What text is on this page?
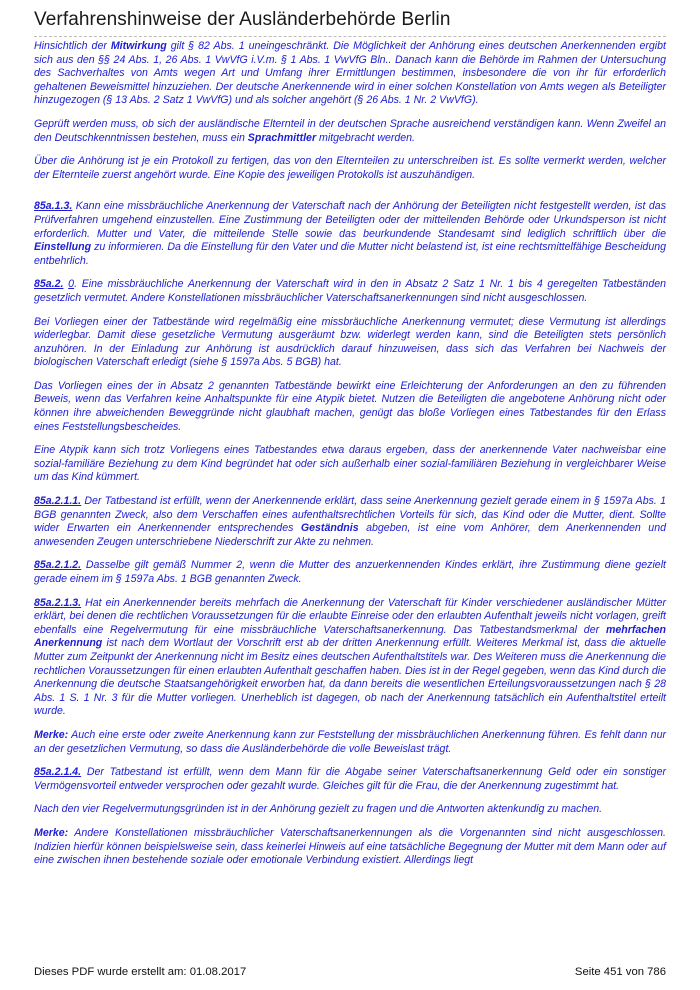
Verfahrenshinweise der Ausländerbehörde Berlin

Hinsichtlich der Mitwirkung gilt § 82 Abs. 1 uneingeschränkt. Die Möglichkeit der Anhörung eines deutschen Anerkennenden ergibt sich aus den §§ 24 Abs. 1, 26 Abs. 1 VwVfG i.V.m. § 1 Abs. 1 VwVfG Bln.. Danach kann die Behörde im Rahmen der Untersuchung des Sachverhaltes von Amts wegen Art und Umfang ihrer Ermittlungen bestimmen, insbesondere die von ihr für erforderlich gehaltenen Beweismittel hinzuziehen. Der deutsche Anerkennende wird in einer solchen Konstellation von Amts wegen als Beteiligter hinzugezogen (§ 13 Abs. 2 Satz 1 VwVfG) und als solcher angehört (§ 26 Abs. 1 Nr. 2 VwVfG).

Geprüft werden muss, ob sich der ausländische Elternteil in der deutschen Sprache ausreichend verständigen kann. Wenn Zweifel an den Deutschkenntnissen bestehen, muss ein Sprachmittler mitgebracht werden.

Über die Anhörung ist je ein Protokoll zu fertigen, das von den Elternteilen zu unterschreiben ist. Es sollte vermerkt werden, welcher der Elternteile zuerst angehört wurde. Eine Kopie des jeweiligen Protokolls ist auszuhändigen.

85a.1.3. Kann eine missbräuchliche Anerkennung der Vaterschaft nach der Anhörung der Beteiligten nicht festgestellt werden, ist das Prüfverfahren umgehend einzustellen. Eine Zustimmung der Beteiligten oder der mitteilenden Behörde oder Urkundsperson ist nicht erforderlich. Mutter und Vater, die mitteilende Stelle sowie das beurkundende Standesamt sind lediglich schriftlich über die Einstellung zu informieren. Da die Einstellung für den Vater und die Mutter nicht belastend ist, ist eine rechtsmittelfähige Bescheidung entbehrlich.

85a.2. 0. Eine missbräuchliche Anerkennung der Vaterschaft wird in den in Absatz 2 Satz 1 Nr. 1 bis 4 geregelten Tatbeständen gesetzlich vermutet. Andere Konstellationen missbräuchlicher Vaterschaftsanerkennungen sind nicht ausgeschlossen.

Bei Vorliegen einer der Tatbestände wird regelmäßig eine missbräuchliche Anerkennung vermutet; diese Vermutung ist allerdings widerlegbar. Damit diese gesetzliche Vermutung ausgeräumt bzw. widerlegt werden kann, sind die Beteiligten stets persönlich anzuhören. In der Einladung zur Anhörung ist ausdrücklich darauf hinzuweisen, dass sich das Verfahren bei Nachweis der biologischen Vaterschaft erledigt (siehe § 1597a Abs. 5 BGB) hat.

Das Vorliegen eines der in Absatz 2 genannten Tatbestände bewirkt eine Erleichterung der Anforderungen an den zu führenden Beweis, wenn das Verfahren keine Anhaltspunkte für eine Atypik bietet. Nutzen die Beteiligten die angebotene Anhörung nicht oder können ihre abweichenden Beweggründe nicht glaubhaft machen, genügt das bloße Vorliegen eines Tatbestandes für den Erlass eines Feststellungsbescheides.

Eine Atypik kann sich trotz Vorliegens eines Tatbestandes etwa daraus ergeben, dass der anerkennende Vater nachweisbar eine sozial-familiäre Beziehung zu dem Kind begründet hat oder sich außerhalb einer sozial-familiären Beziehung in vergleichbarer Weise um das Kind kümmert.

85a.2.1.1. Der Tatbestand ist erfüllt, wenn der Anerkennende erklärt, dass seine Anerkennung gezielt gerade einem in § 1597a Abs. 1 BGB genannten Zweck, also dem Verschaffen eines aufenthaltsrechtlichen Vorteils für sich, das Kind oder die Mutter, dient. Sollte wider Erwarten ein Anerkennender entsprechendes Geständnis abgeben, ist eine vom Anhörer, dem Anerkennenden und anwesenden Zeugen unterschriebene Niederschrift zur Akte zu nehmen.

85a.2.1.2. Dasselbe gilt gemäß Nummer 2, wenn die Mutter des anzuerkennenden Kindes erklärt, ihre Zustimmung diene gezielt gerade einem im § 1597a Abs. 1 BGB genannten Zweck.

85a.2.1.3. Hat ein Anerkennender bereits mehrfach die Anerkennung der Vaterschaft für Kinder verschiedener ausländischer Mütter erklärt, bei denen die rechtlichen Voraussetzungen für die erlaubte Einreise oder den erlaubten Aufenthalt jeweils nicht vorlagen, greift ebenfalls eine Regelvermutung für eine missbräuchliche Vaterschaftsanerkennung. Das Tatbestandsmerkmal der mehrfachen Anerkennung ist nach dem Wortlaut der Vorschrift erst ab der dritten Anerkennung erfüllt. Weiteres Merkmal ist, dass die aktuelle Mutter zum Zeitpunkt der Anerkennung nicht im Besitz eines deutschen Aufenthaltstitels war. Des Weiteren muss die Anerkennung die rechtlichen Voraussetzungen für einen erlaubten Aufenthalt geschaffen haben. Dies ist in der Regel gegeben, wenn das Kind durch die Anerkennung die deutsche Staatsangehörigkeit erworben hat, da dann bereits die wesentlichen Erteilungsvoraussetzungen nach § 28 Abs. 1 S. 1 Nr. 3 für die Mutter vorliegen. Unerheblich ist dagegen, ob nach der Anerkennung tatsächlich ein Aufenthaltstitel erteilt wurde.

Merke: Auch eine erste oder zweite Anerkennung kann zur Feststellung der missbräuchlichen Anerkennung führen. Es fehlt dann nur an der gesetzlichen Vermutung, so dass die Ausländerbehörde die volle Beweislast trägt.

85a.2.1.4. Der Tatbestand ist erfüllt, wenn dem Mann für die Abgabe seiner Vaterschaftsanerkennung Geld oder ein sonstiger Vermögensvorteil entweder versprochen oder gezahlt wurde. Gleiches gilt für die Frau, die der Anerkennung zugestimmt hat.

Nach den vier Regelvermutungsgründen ist in der Anhörung gezielt zu fragen und die Antworten aktenkundig zu machen.

Merke: Andere Konstellationen missbräuchlicher Vaterschaftsanerkennungen als die Vorgenannten sind nicht ausgeschlossen. Indizien hierfür können beispielsweise sein, dass keinerlei Hinweis auf eine tatsächliche Begegnung der Mutter mit dem Mann oder auf eine zwischen ihnen bestehende soziale oder emotionale Verbindung existiert. Allerdings liegt

Dieses PDF wurde erstellt am: 01.08.2017	Seite 451 von 786
